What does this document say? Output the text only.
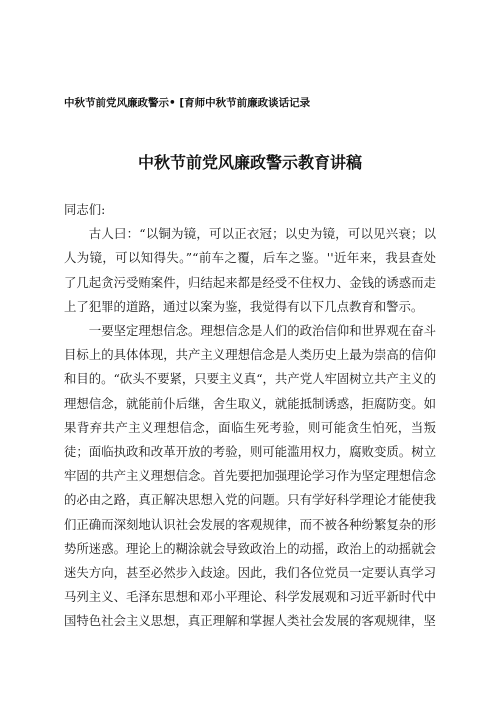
中秋节前党风廉政警示• [育师中秋节前廉政谈话记录
中秋节前党风廉政警示教育讲稿

同志们:

古人曰：“以铜为镜，可以正衣冠；以史为镜，可以见兴衰；以人为镜，可以知得失。”“前车之覆，后车之鉴。''近年来，我县查处了几起贪污受贿案件，归结起来都是经受不住权力、金钱的诱惑而走上了犯罪的道路，通过以案为鉴，我觉得有以下几点教育和警示。

一要坚定理想信念。理想信念是人们的政治信仰和世界观在奋斗目标上的具体体现，共产主义理想信念是人类历史上最为崇高的信仰和目的。“砍头不要紧，只要主义真“，共产党人牢固树立共产主义的理想信念，就能前仆后继，舍生取义，就能抵制诱惑，拒腐防变。如果背弃共产主义理想信念，面临生死考验，则可能贪生怕死，当叛徒；面临执政和改革开放的考验，则可能滥用权力，腐败变质。树立牢固的共产主义理想信念。首先要把加强理论学习作为坚定理想信念的必由之路，真正解决思想入党的问题。只有学好科学理论才能使我们正确而深刻地认识社会发展的客观规律，而不被各种纷繁复杂的形势所迷惑。理论上的糊涂就会导致政治上的动摇，政治上的动摇就会迷失方向，甚至必然步入歧途。因此，我们各位党员一定要认真学习马列主义、毛泽东思想和邓小平理论、科学发展观和习近平新时代中国特色社会主义思想，真正理解和掌握人类社会发展的客观规律，坚
